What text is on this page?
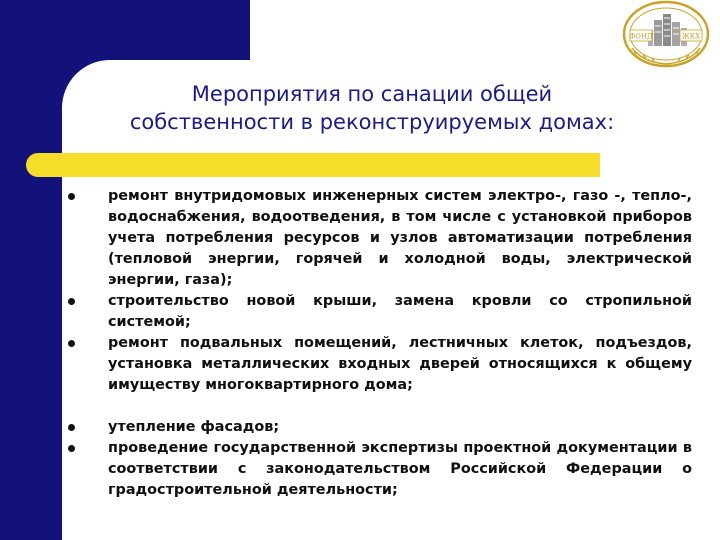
ФОНД	ЖКХ
Мероприятия по санации общей
собственности в реконструируемых домах:
ремонт внутридомовых инженерных систем электро-, газо -, тепло-, водоснабжения, водоотведения, в том числе с установкой приборов учета потребления ресурсов и узлов автоматизации потребления (тепловой энергии, горячей и холодной воды, электрической энергии, газа);
строительство новой крыши, замена кровли со стропильной системой;
ремонт подвальных помещений, лестничных клеток, подъездов, установка металлических входных дверей относящихся к общему имуществу многоквартирного дома;
утепление фасадов;
проведение государственной экспертизы проектной документации в соответствии с законодательством Российской Федерации о градостроительной деятельности;
